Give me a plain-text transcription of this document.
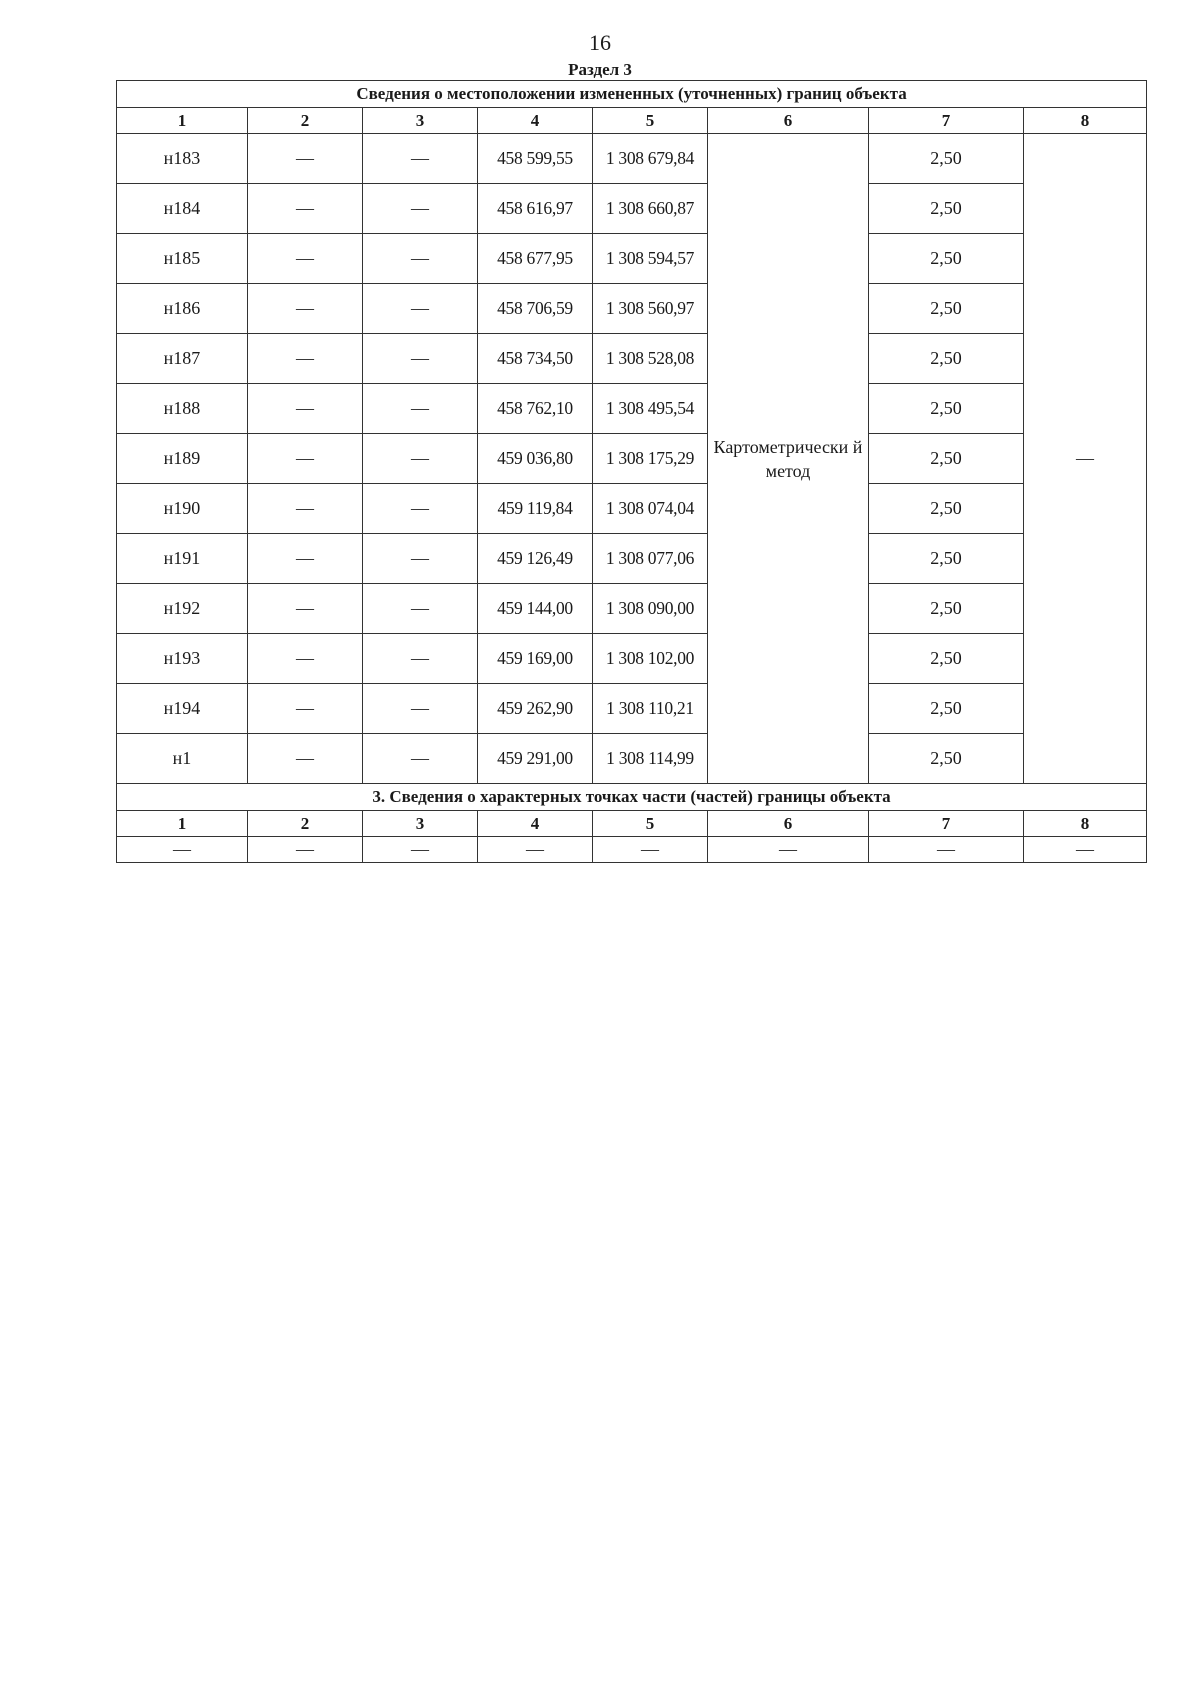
16
Раздел 3
Сведения о местоположении измененных (уточненных) границ объекта							
1	2	3	4	5	6	7	8
н183	—	—	458 599,55	1 308 679,84	Картометрически й метод	2,50	—
н184	—	—	458 616,97	1 308 660,87		2,50	
н185	—	—	458 677,95	1 308 594,57		2,50	
н186	—	—	458 706,59	1 308 560,97		2,50	
н187	—	—	458 734,50	1 308 528,08		2,50	
н188	—	—	458 762,10	1 308 495,54		2,50	
н189	—	—	459 036,80	1 308 175,29		2,50	
н190	—	—	459 119,84	1 308 074,04		2,50	
н191	—	—	459 126,49	1 308 077,06		2,50	
н192	—	—	459 144,00	1 308 090,00		2,50	
н193	—	—	459 169,00	1 308 102,00		2,50	
н194	—	—	459 262,90	1 308 110,21		2,50	
н1	—	—	459 291,00	1 308 114,99		2,50	
3. Сведения о характерных точках части (частей) границы объекта							
1	2	3	4	5	6	7	8
—	—	—	—	—	—	—	—
